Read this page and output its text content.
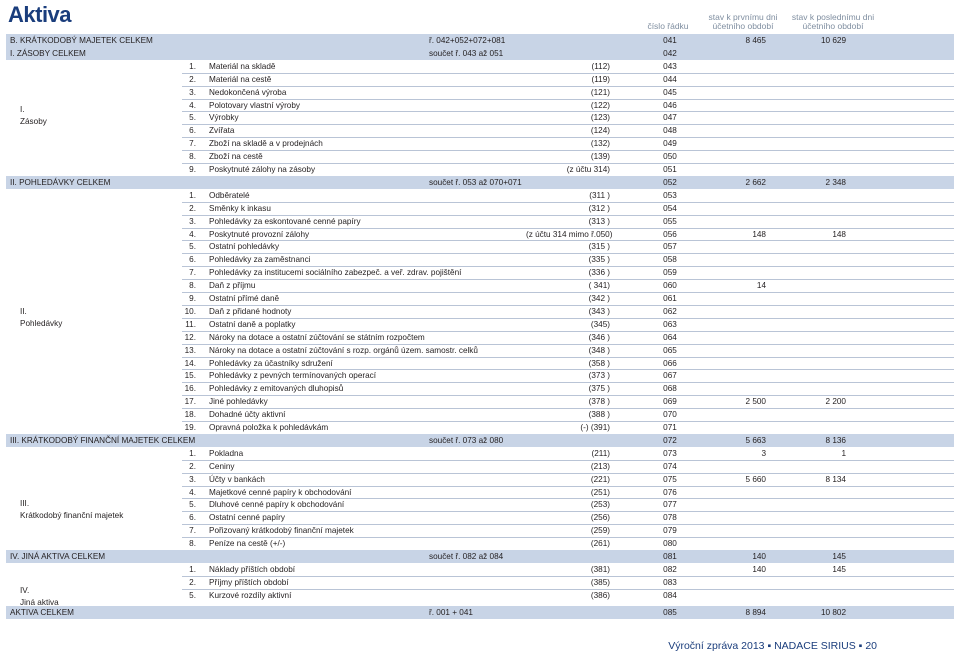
Aktiva	číslo řádku
stav k prvnímu dni účetního období
stav k poslednímu dni účetního období
B. KRÁTKODOBÝ MAJETEK CELKEM	ř. 042+052+072+081	041	8 465	10 629
I. ZÁSOBY CELKEM	součet ř. 043 až 051	042
1. Materiál na skladě	(112)	043
2. Materiál na cestě	(119)	044
3. Nedokončená výroba	(121)	045
4. Polotovary vlastní výroby	(122)	046
5. Výrobky	(123)	047
6. Zvířata	(124)	048
7. Zboží na skladě a v prodejnách	(132)	049
8. Zboží na cestě	(139)	050
9. Poskytnuté zálohy na zásoby	(z účtu 314)	051
II. POHLEDÁVKY CELKEM	součet ř. 053 až 070+071	052	2 662	2 348
1. Odběratelé	(311 )	053
2. Směnky k inkasu	(312 )	054
3. Pohledávky za eskontované cenné papíry	(313 )	055
4. Poskytnuté provozní zálohy	(z účtu 314 mimo ř.050)	056	148	148
5. Ostatní pohledávky	(315 )	057
6. Pohledávky za zaměstnanci	(335 )	058
7. Pohledávky za institucemi sociálního zabezpeč. a veř. zdrav. pojištění	(336 )	059
8. Daň z příjmu	( 341)	060	14
9. Ostatní přímé daně	(342 )	061
10. Daň z přidané hodnoty	(343 )	062
11. Ostatní daně a poplatky	(345)	063
12. Nároky na dotace a ostatní zúčtování se státním rozpočtem	(346 )	064
13. Nároky na dotace a ostatní zúčtování s rozp. orgánů územ. samostr. celků	(348 )	065
14. Pohledávky za účastníky sdružení	(358 )	066
15. Pohledávky z pevných termínovaných operací	(373 )	067
16. Pohledávky z emitovaných dluhopisů	(375 )	068
17. Jiné pohledávky	(378 )	069	2 500	2 200
18. Dohadné účty aktivní	(388 )	070
19. Opravná položka k pohledávkám	(-) (391)	071
III. KRÁTKODOBÝ FINANČNÍ MAJETEK CELKEM	součet ř. 073 až 080	072	5 663	8 136
1. Pokladna	(211)	073	3	1
2. Ceniny	(213)	074
3. Účty v bankách	(221)	075	5 660	8 134
4. Majetkové cenné papíry k obchodování	(251)	076
5. Dluhové cenné papíry k obchodování	(253)	077
6. Ostatní cenné papíry	(256)	078
7. Pořizovaný krátkodobý finanční majetek	(259)	079
8. Peníze na cestě (+/-)	(261)	080
IV. JINÁ AKTIVA CELKEM	součet ř. 082 až 084	081	140	145
1. Náklady příštích období	(381)	082	140	145
2. Příjmy příštích období	(385)	083
5. Kurzové rozdíly aktivní	(386)	084
AKTIVA CELKEM	ř. 001 + 041	085	8 894	10 802
I.
Zásoby
II.
Pohledávky
III.
Krátkodobý finanční majetek
IV.
Jiná aktiva
Výroční zpráva 2013 ▪ NADACE SIRIUS ▪ 20
